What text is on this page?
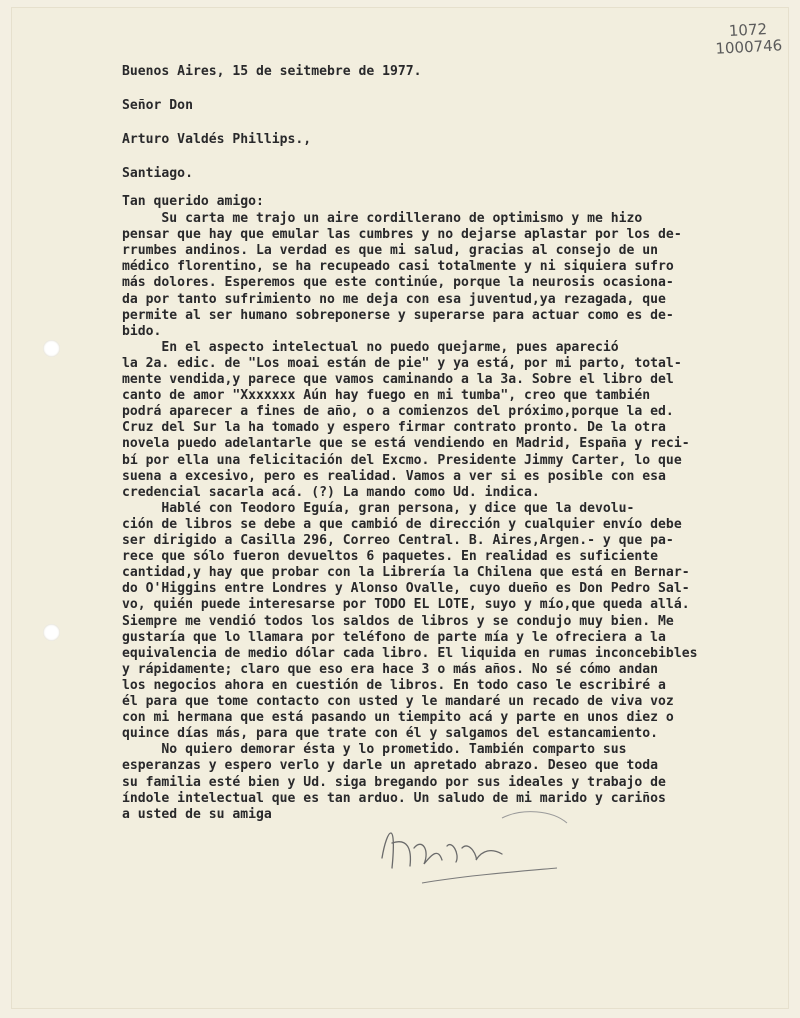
1072
1000746
Buenos Aires, 15 de seitmebre de 1977.
Señor Don
Arturo Valdés Phillips.,
Santiago.
Tan querido amigo:
Su carta me trajo un aire cordillerano de optimismo y me hizo
pensar que hay que emular las cumbres y no dejarse aplastar por los de-
rrumbes andinos. La verdad es que mi salud, gracias al consejo de un
médico florentino, se ha recupeado casi totalmente y ni siquiera sufro
más dolores. Esperemos que este continúe, porque la neurosis ocasiona-
da por tanto sufrimiento no me deja con esa juventud,ya rezagada, que
permite al ser humano sobreponerse y superarse para actuar como es de-
bido.
En el aspecto intelectual no puedo quejarme, pues apareció
la 2a. edic. de "Los moai están de pie" y ya está, por mi parto, total-
mente vendida,y parece que vamos caminando a la 3a. Sobre el libro del
canto de amor "Xxxxxxx Aún hay fuego en mi tumba", creo que también
podrá aparecer a fines de año, o a comienzos del próximo,porque la ed.
Cruz del Sur la ha tomado y espero firmar contrato pronto. De la otra
novela puedo adelantarle que se está vendiendo en Madrid, España y reci-
bí por ella una felicitación del Excmo. Presidente Jimmy Carter, lo que
suena a excesivo, pero es realidad. Vamos a ver si es posible con esa
credencial sacarla acá. (?) La mando como Ud. indica.
Hablé con Teodoro Eguía, gran persona, y dice que la devolu-
ción de libros se debe a que cambió de dirección y cualquier envío debe
ser dirigido a Casilla 296, Correo Central. B. Aires,Argen.- y que pa-
rece que sólo fueron devueltos 6 paquetes. En realidad es suficiente
cantidad,y hay que probar con la Librería la Chilena que está en Bernar-
do O'Higgins entre Londres y Alonso Ovalle, cuyo dueño es Don Pedro Sal-
vo, quién puede interesarse por TODO EL LOTE, suyo y mío,que queda allá.
Siempre me vendió todos los saldos de libros y se condujo muy bien. Me
gustaría que lo llamara por teléfono de parte mía y le ofreciera a la
equivalencia de medio dólar cada libro. El liquida en rumas inconcebibles
y rápidamente; claro que eso era hace 3 o más años. No sé cómo andan
los negocios ahora en cuestión de libros. En todo caso le escribiré a
él para que tome contacto con usted y le mandaré un recado de viva voz
con mi hermana que está pasando un tiempito acá y parte en unos diez o
quince días más, para que trate con él y salgamos del estancamiento.
No quiero demorar ésta y lo prometido. También comparto sus
esperanzas y espero verlo y darle un apretado abrazo. Deseo que toda
su familia esté bien y Ud. siga bregando por sus ideales y trabajo de
índole intelectual que es tan arduo. Un saludo de mi marido y cariños
a usted de su amiga
